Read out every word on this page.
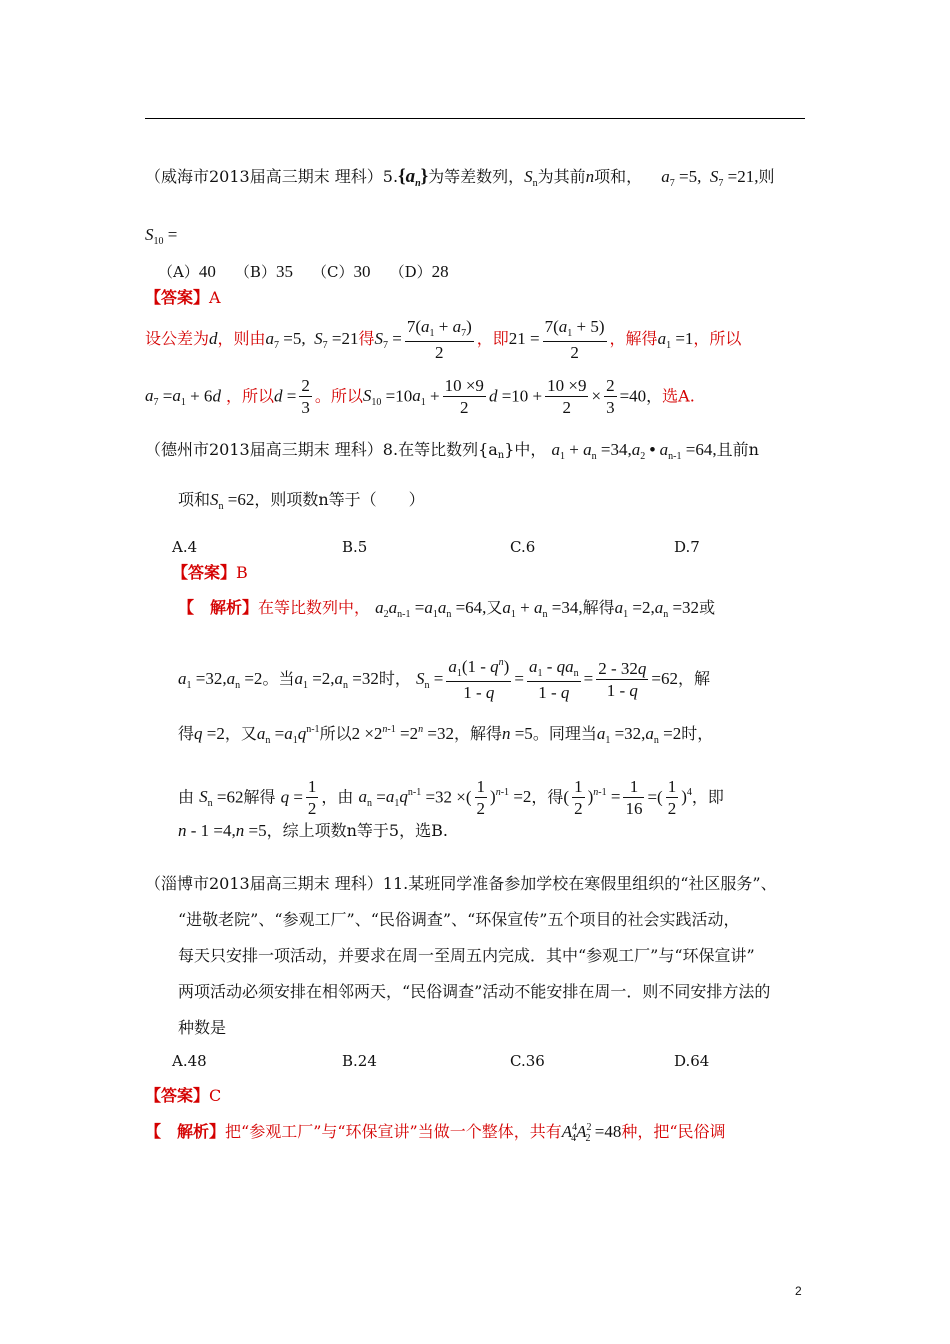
（威海市2013届高三期末 理科）$5.\{a_n\}$为等差数列，$S_n$为其前n项和， $a_7 =5$,  $S_7 =21$,则
$S_{10}$ =
（A）40 （B）35 （C）30 （D）28
【答案】A
设公差为d，则由$a_7 =5$,  $S_7 =21$得$S_7 = \frac{7(a_1 + a_7)}{2}$ ，即$21 = \frac{7(a_1 + 5)}{2}$ ，解得$a_1 =1$，所以
$a_7 =a_1 + 6d$ ，所以$d = \frac{2}{3}$ 。所以$S_{10} =10a_1 + \frac{10 \times 9}{2}$ $d =10 + \frac{10 \times 9}{2} \times \frac{2}{3} =40$，选A.
（德州市2013届高三期末 理科）8.在等比数列{an}中， $a_1 + a_n =34,a_2$ • $a_{n-1} =64$,且前n
项和$S_n =62$，则项数n等于（　　）
A.4	B.5	C.6	D.7
【答案】B
【　解析】在等比数列中， $a_2a_{n-1} =a_1a_n =64$,又$a_1 + a_n =34$,解得$a_1 =2,a_n =32$或
$a_1 =32,a_n =2$。当$a_1 =2,a_n =32$时， $S_n = \frac{a_1(1 - q^n)}{1 - q} = \frac{a_1 - qa_n}{1 - q} = \frac{2 - 32q}{1 - q} =62$，解
得q =2，又$a_n =a_1q^{n-1}$所以$2 \times 2^{n-1} =2^n =32$，解得n =5。同理当$a_1 =32,a_n =2$时，
由 $S_n =62$解得 $q = \frac{1}{2}$ ，由 $a_n =a_1q^{n-1} =32$ ×( $\frac{1}{2} )^{n-1} =2$，得( $\frac{1}{2} )^{n-1} = \frac{1}{16}$ =( $\frac{1}{2} )^4$，即
n - 1 =4,n =5，综上项数n等于5，选B.
（淄博市2013届高三期末 理科）11.某班同学准备参加学校在寒假里组织的“社区服务”、
“进敬老院”、“参观工厂”、“民俗调查”、“环保宣传”五个项目的社会实践活动，
每天只安排一项活动，并要求在周一至周五内完成．其中“参观工厂”与“环保宣讲”
两项活动必须安排在相邻两天，“民俗调查”活动不能安排在周一．则不同安排方法的
种数是
A.48	B.24	C.36	D.64
【答案】C
【　解析】把“参观工厂”与“环保宣讲”当做一个整体，共有$A^4_4A^2_2 =48$种，把“民俗调
2
